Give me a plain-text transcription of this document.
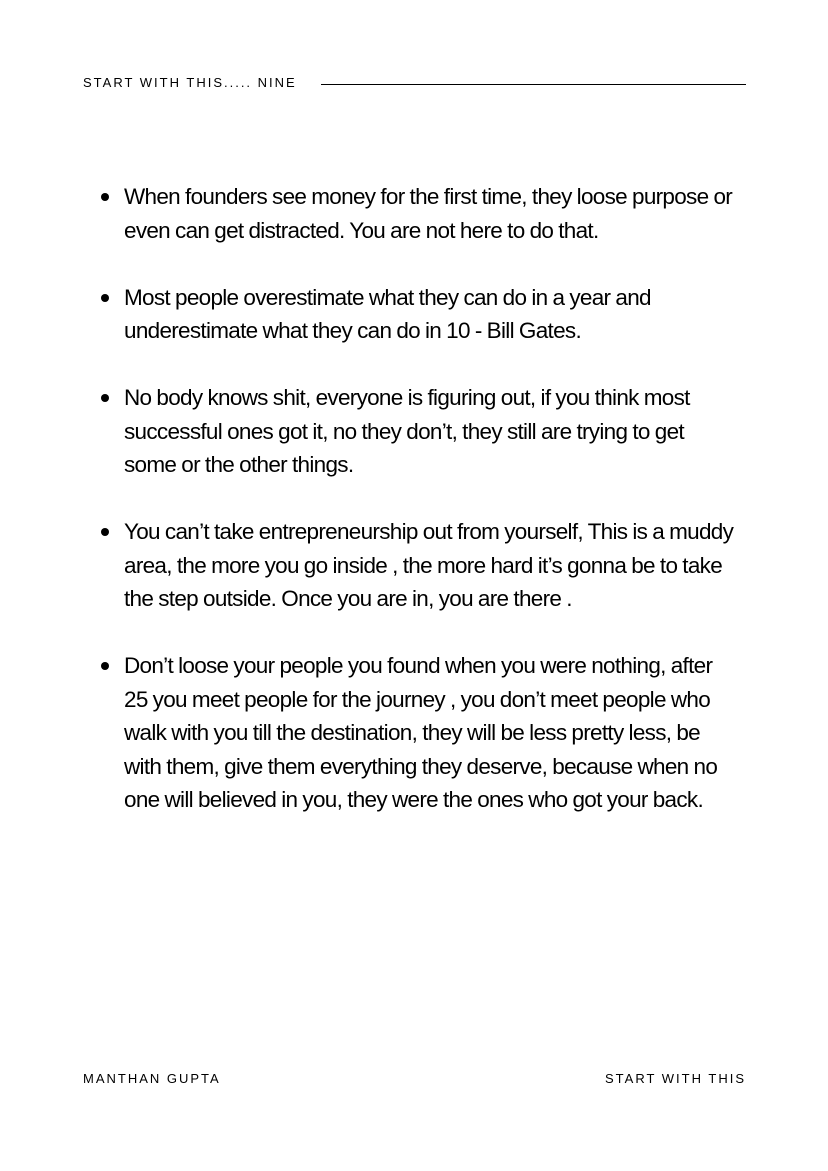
START WITH THIS..... NINE
When founders see money for the first time, they loose purpose or even can get distracted. You are not here to do that.
Most people overestimate what they can do in a year and underestimate what they can do in 10 - Bill Gates.
No body knows shit, everyone is figuring out, if you think most successful ones got it, no they don’t, they still are trying to get some or the other things.
You can’t take entrepreneurship out from yourself, This is a muddy area, the more you go inside , the more hard it’s gonna be to take the step outside. Once you are in, you are there .
Don’t loose your people you found when you were nothing, after 25 you meet people for the journey , you don’t meet people who walk with you till the destination, they will be less pretty less, be with them, give them everything they deserve, because when no one will believed in you, they were the ones who got your back.
MANTHAN GUPTA	START WITH THIS
